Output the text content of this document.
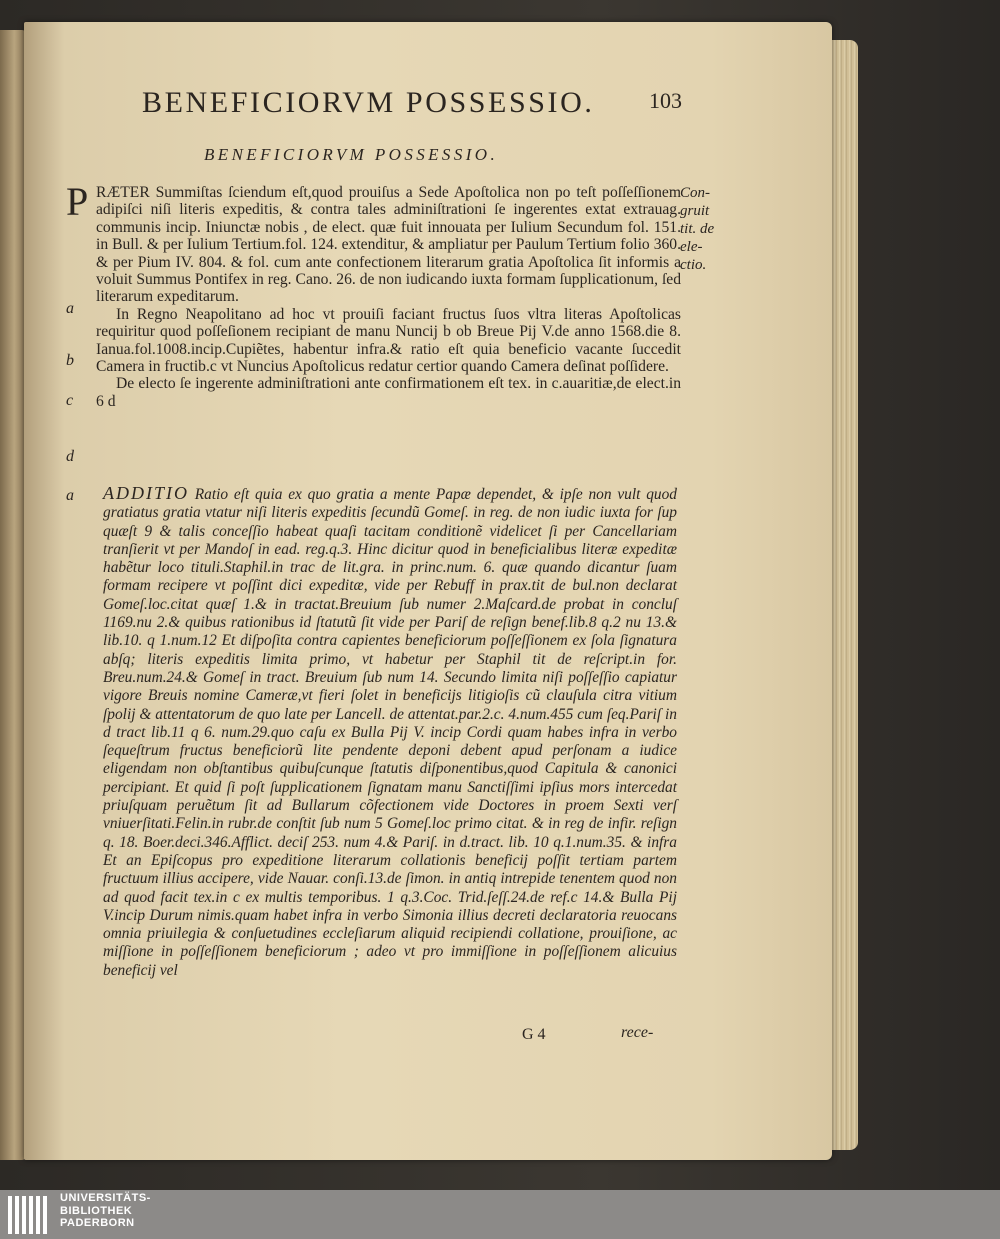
BENEFICIORVM POSSESSIO. 103
BENEFICIORVM POSSESSIO.

PRÆTER Summiſtas ſciendum eſt,quod prouiſus a Sede Apoſtolica non po teſt poſſeſſionem adipiſci niſi literis expeditis, & contra tales adminiſtrationi ſe ingerentes extat extrauag. communis incip. Iniunctæ nobis , de elect. quæ fuit innouata per Iulium Secundum fol. 151. in Bull. & per Iulium Tertium.fol. 124. extenditur, & ampliatur per Paulum Tertium folio 360. & per Pium IV. 804. & fol. cum ante confectionem literarum gratia Apoſtolica ſit informis a voluit Summus Pontifex in reg. Cano. 26. de non iudicando iuxta formam ſupplicationum, ſed literarum expeditarum.

In Regno Neapolitano ad hoc vt prouiſi faciant fructus ſuos vltra literas Apoſtolicas requiritur quod poſſeſionem recipiant de manu Nuncij b ob Breue Pij V.de anno 1568.die 8. Ianua.fol.1008.incip.Cupiẽtes, habentur infra.& ratio eſt quia beneficio vacante ſuccedit Camera in fructib.c vt Nuncius Apoſtolicus redatur certior quando Camera deſinat poſſidere.

De electo ſe ingerente adminiſtrationi ante confirmationem eſt tex. in c.auaritiæ,de elect.in 6 d

Con-
gruit
tit. de
ele-
ctio.
a
b
c
d
a ADDITIO Ratio eſt quia ex quo gratia a mente Papæ dependet, & ipſe non vult quod gratiatus gratia vtatur niſi literis expeditis ſecundũ Gomeſ. in reg. de non iudic iuxta for ſup quæſt 9 & talis conceſſio habeat quaſi tacitam conditionẽ videlicet ſi per Cancellariam tranſierit vt per Mandoſ in ead. reg.q.3. Hinc dicitur quod in beneficialibus literæ expeditæ habẽtur loco tituli.Staphil.in trac de lit.gra. in princ.num. 6. quæ quando dicantur ſuam formam recipere vt poſſint dici expeditæ, vide per Rebuff in prax.tit de bul.non declarat Gomeſ.loc.citat quæſ 1.& in tractat.Breuium ſub numer 2.Maſcard.de probat in concluſ 1169.nu 2.& quibus rationibus id ſtatutũ ſit vide per Pariſ de reſign benef.lib.8 q.2 nu 13.& lib.10. q 1.num.12 Et diſpoſita contra capientes beneficiorum poſſeſſionem ex ſola ſignatura abſq; literis expeditis limita primo, vt habetur per Staphil tit de reſcript.in for. Breu.num.24.& Gomeſ in tract. Breuium ſub num 14. Secundo limita niſi poſſeſſio capiatur vigore Breuis nomine Cameræ,vt fieri ſolet in beneficijs litigioſis cũ clauſula citra vitium ſpolij & attentatorum de quo late per Lancell. de attentat.par.2.c. 4.num.455 cum ſeq.Pariſ in d tract lib.11 q 6. num.29.quo caſu ex Bulla Pij V. incip Cordi quam habes infra in verbo ſequeſtrum fructus beneficiorũ lite pendente deponi debent apud perſonam a iudice eligendam non obſtantibus quibuſcunque ſtatutis diſponentibus,quod Capitula & canonici percipiant. Et quid ſi poſt ſupplicationem ſignatam manu Sanctiſſimi ipſius mors intercedat priuſquam peruẽtum ſit ad Bullarum cõfectionem vide Doctores in proem Sexti verſ vniuerſitati.Felin.in rubr.de conſtit ſub num 5 Gomeſ.loc primo citat. & in reg de infir. reſign q. 18. Boer.deci.346.Afflict. deciſ 253. num 4.& Pariſ. in d.tract. lib. 10 q.1.num.35. & infra Et an Epiſcopus pro expeditione literarum collationis beneficij poſſit tertiam partem fructuum illius accipere, vide Nauar. conſi.13.de ſimon. in antiq intrepide tenentem quod non ad quod facit tex.in c ex multis temporibus. 1 q.3.Coc. Trid.ſeſſ.24.de ref.c 14.& Bulla Pij V.incip Durum nimis.quam habet infra in verbo Simonia illius decreti declaratoria reuocans omnia priuilegia & conſuetudines eccleſiarum aliquid recipiendi collatione, prouiſione, ac miſſione in poſſeſſionem beneficiorum ; adeo vt pro immiſſione in poſſeſſionem alicuius beneficij vel

G 4	rece-
UNIVERSITÄTS-
BIBLIOTHEK
PADERBORN
